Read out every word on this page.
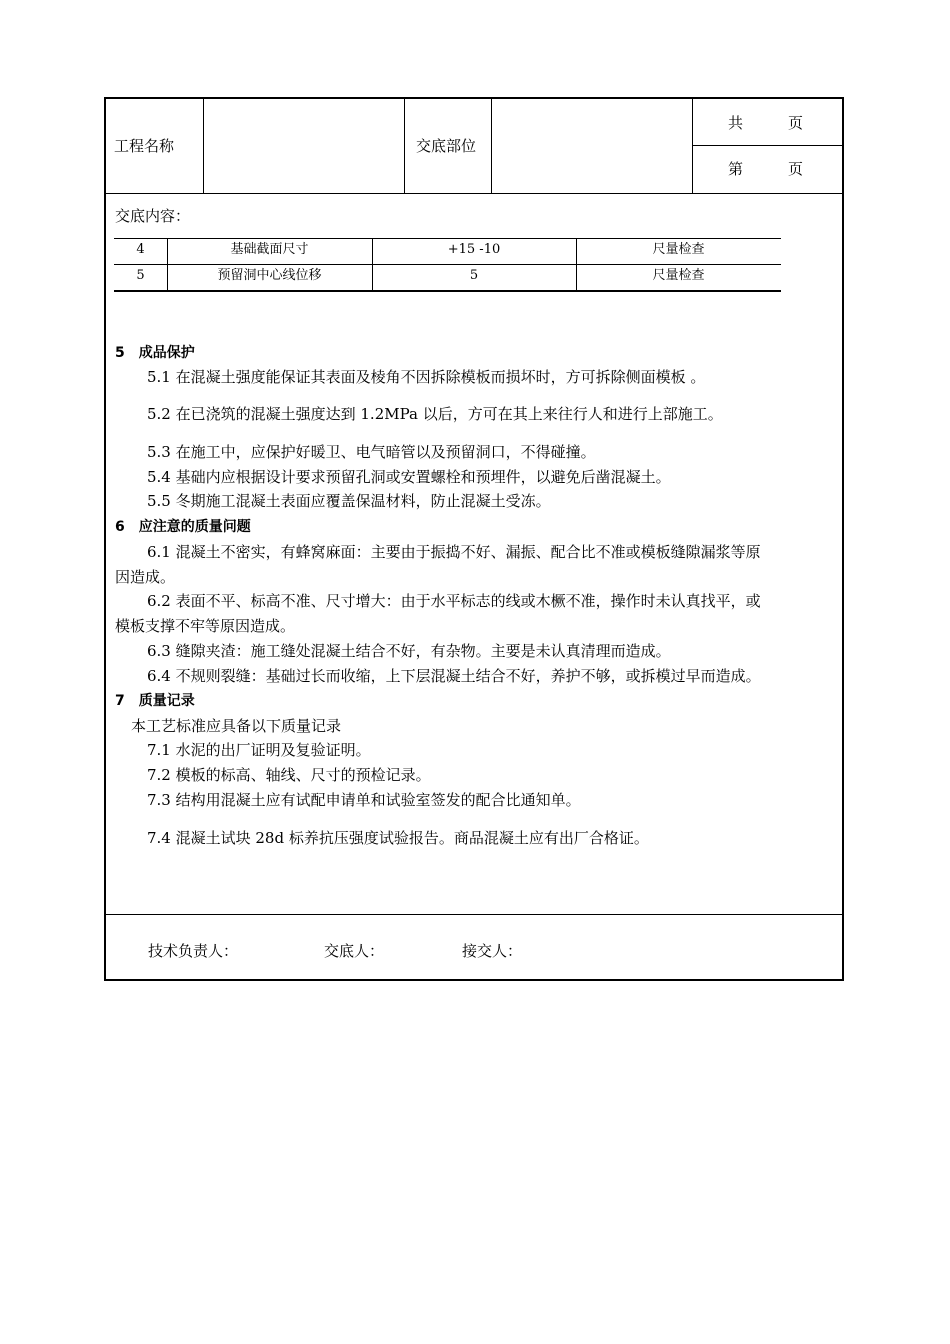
工程名称	交底部位
共　　　页
第　　　页
交底内容：
4	基础截面尺寸	+15 -10	尺量检查
5	预留洞中心线位移	5	尺量检查
5　成品保护
5.1 在混凝土强度能保证其表面及棱角不因拆除模板而损坏时，方可拆除侧面模板 。
5.2 在已浇筑的混凝土强度达到 1.2MPa 以后，方可在其上来往行人和进行上部施工。
5.3 在施工中，应保护好暖卫、电气暗管以及预留洞口，不得碰撞。
5.4 基础内应根据设计要求预留孔洞或安置螺栓和预埋件，以避免后凿混凝土。
5.5 冬期施工混凝土表面应覆盖保温材料，防止混凝土受冻。
6　应注意的质量问题
6.1 混凝土不密实，有蜂窝麻面：主要由于振捣不好、漏振、配合比不准或模板缝隙漏浆等原
因造成。
6.2 表面不平、标高不准、尺寸增大：由于水平标志的线或木橛不准，操作时未认真找平，或
模板支撑不牢等原因造成。
6.3 缝隙夹渣：施工缝处混凝土结合不好，有杂物。主要是未认真清理而造成。
6.4 不规则裂缝：基础过长而收缩，上下层混凝土结合不好，养护不够，或拆模过早而造成。
7　质量记录
本工艺标准应具备以下质量记录
7.1 水泥的出厂证明及复验证明。
7.2 模板的标高、轴线、尺寸的预检记录。
7.3 结构用混凝土应有试配申请单和试验室签发的配合比通知单。
7.4 混凝土试块 28d 标养抗压强度试验报告。商品混凝土应有出厂合格证。
技术负责人：	交底人：	接交人：
